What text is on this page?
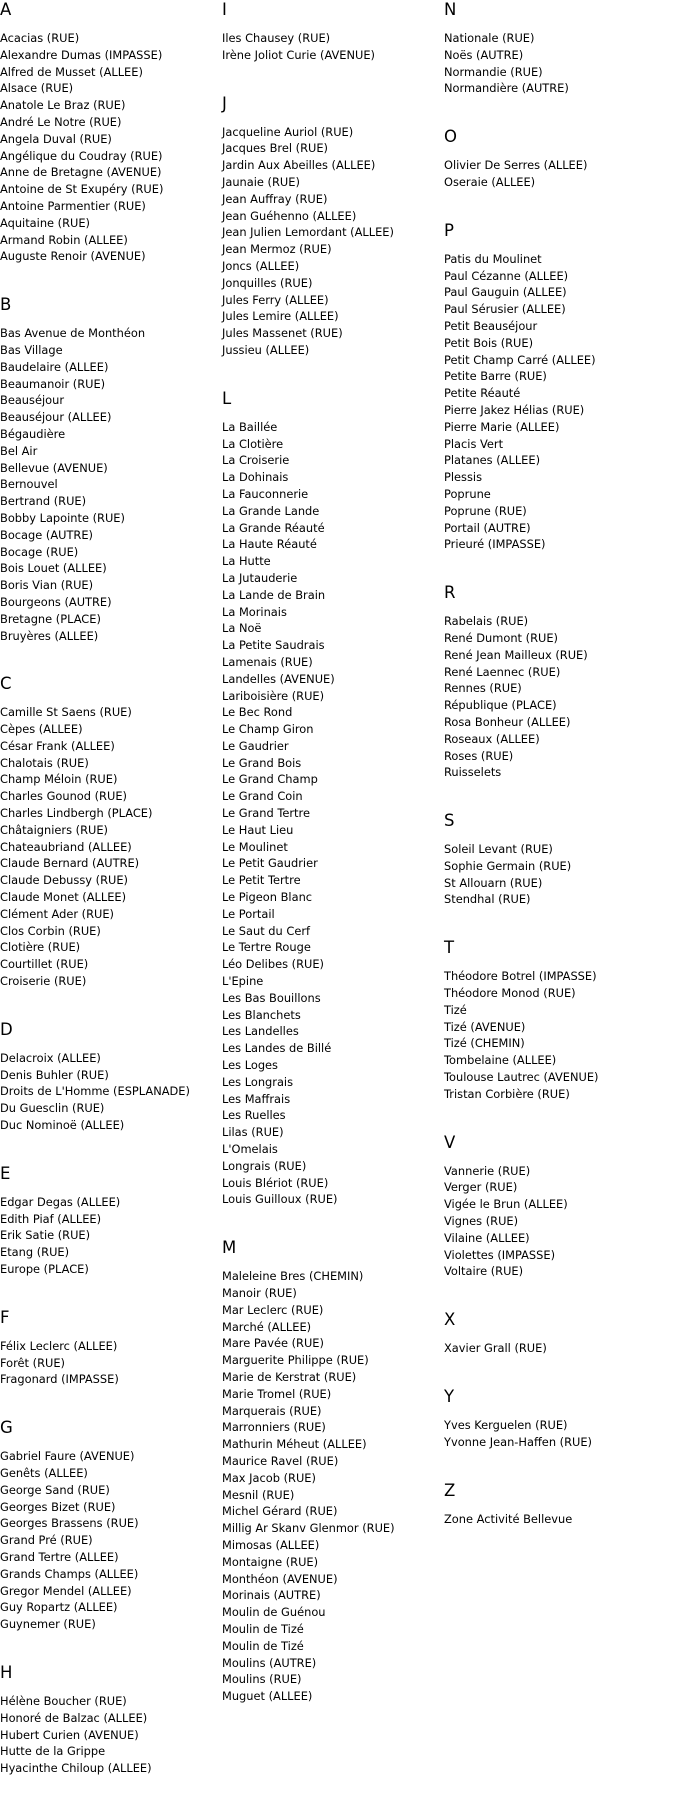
A
Acacias (RUE)
Alexandre Dumas (IMPASSE)
Alfred de Musset (ALLEE)
Alsace (RUE)
Anatole Le Braz (RUE)
André Le Notre (RUE)
Angela Duval (RUE)
Angélique du Coudray (RUE)
Anne de Bretagne (AVENUE)
Antoine de St Exupéry (RUE)
Antoine Parmentier (RUE)
Aquitaine (RUE)
Armand Robin (ALLEE)
Auguste Renoir (AVENUE)
B
Bas Avenue de Monthéon
Bas Village
Baudelaire (ALLEE)
Beaumanoir (RUE)
Beauséjour
Beauséjour (ALLEE)
Bégaudière
Bel Air
Bellevue (AVENUE)
Bernouvel
Bertrand (RUE)
Bobby Lapointe (RUE)
Bocage (AUTRE)
Bocage (RUE)
Bois Louet (ALLEE)
Boris Vian (RUE)
Bourgeons (AUTRE)
Bretagne (PLACE)
Bruyères (ALLEE)
C
Camille St Saens (RUE)
Cèpes (ALLEE)
César Frank (ALLEE)
Chalotais (RUE)
Champ Méloin (RUE)
Charles Gounod (RUE)
Charles Lindbergh (PLACE)
Châtaigniers (RUE)
Chateaubriand (ALLEE)
Claude Bernard (AUTRE)
Claude Debussy (RUE)
Claude Monet (ALLEE)
Clément Ader (RUE)
Clos Corbin (RUE)
Clotière (RUE)
Courtillet (RUE)
Croiserie (RUE)
D
Delacroix (ALLEE)
Denis Buhler (RUE)
Droits de L'Homme (ESPLANADE)
Du Guesclin (RUE)
Duc Nominoë (ALLEE)
E
Edgar Degas (ALLEE)
Edith Piaf (ALLEE)
Erik Satie (RUE)
Etang (RUE)
Europe (PLACE)
F
Félix Leclerc (ALLEE)
Forêt (RUE)
Fragonard (IMPASSE)
G
Gabriel Faure (AVENUE)
Genêts (ALLEE)
George Sand (RUE)
Georges Bizet (RUE)
Georges Brassens (RUE)
Grand Pré (RUE)
Grand Tertre (ALLEE)
Grands Champs (ALLEE)
Gregor Mendel (ALLEE)
Guy Ropartz (ALLEE)
Guynemer (RUE)
H
Hélène Boucher (RUE)
Honoré de Balzac (ALLEE)
Hubert Curien (AVENUE)
Hutte de la Grippe
Hyacinthe Chiloup (ALLEE)
I
Iles Chausey (RUE)
Irène Joliot Curie (AVENUE)
J
Jacqueline Auriol (RUE)
Jacques Brel (RUE)
Jardin Aux Abeilles (ALLEE)
Jaunaie (RUE)
Jean Auffray (RUE)
Jean Guéhenno (ALLEE)
Jean Julien Lemordant (ALLEE)
Jean Mermoz (RUE)
Joncs (ALLEE)
Jonquilles (RUE)
Jules Ferry (ALLEE)
Jules Lemire (ALLEE)
Jules Massenet (RUE)
Jussieu (ALLEE)
L
La Baillée
La Clotière
La Croiserie
La Dohinais
La Fauconnerie
La Grande Lande
La Grande Réauté
La Haute Réauté
La Hutte
La Jutauderie
La Lande de Brain
La Morinais
La Noë
La Petite Saudrais
Lamenais (RUE)
Landelles (AVENUE)
Lariboisière (RUE)
Le Bec Rond
Le Champ Giron
Le Gaudrier
Le Grand Bois
Le Grand Champ
Le Grand Coin
Le Grand Tertre
Le Haut Lieu
Le Moulinet
Le Petit Gaudrier
Le Petit Tertre
Le Pigeon Blanc
Le Portail
Le Saut du Cerf
Le Tertre Rouge
Léo Delibes (RUE)
L'Epine
Les Bas Bouillons
Les Blanchets
Les Landelles
Les Landes de Billé
Les Loges
Les Longrais
Les Maffrais
Les Ruelles
Lilas (RUE)
L'Omelais
Longrais (RUE)
Louis Blériot (RUE)
Louis Guilloux (RUE)
M
Maleleine Bres (CHEMIN)
Manoir (RUE)
Mar Leclerc (RUE)
Marché (ALLEE)
Mare Pavée (RUE)
Marguerite Philippe (RUE)
Marie de Kerstrat (RUE)
Marie Tromel (RUE)
Marquerais (RUE)
Marronniers (RUE)
Mathurin Méheut (ALLEE)
Maurice Ravel (RUE)
Max Jacob (RUE)
Mesnil (RUE)
Michel Gérard (RUE)
Millig Ar Skanv Glenmor (RUE)
Mimosas (ALLEE)
Montaigne (RUE)
Monthéon (AVENUE)
Morinais (AUTRE)
Moulin de Guénou
Moulin de Tizé
Moulin de Tizé
Moulins (AUTRE)
Moulins (RUE)
Muguet (ALLEE)
N
Nationale (RUE)
Noës (AUTRE)
Normandie (RUE)
Normandière (AUTRE)
O
Olivier De Serres (ALLEE)
Oseraie (ALLEE)
P
Patis du Moulinet
Paul Cézanne (ALLEE)
Paul Gauguin (ALLEE)
Paul Sérusier (ALLEE)
Petit Beauséjour
Petit Bois (RUE)
Petit Champ Carré (ALLEE)
Petite Barre (RUE)
Petite Réauté
Pierre Jakez Hélias (RUE)
Pierre Marie (ALLEE)
Placis Vert
Platanes (ALLEE)
Plessis
Poprune
Poprune (RUE)
Portail (AUTRE)
Prieuré (IMPASSE)
R
Rabelais (RUE)
René Dumont (RUE)
René Jean Mailleux (RUE)
René Laennec (RUE)
Rennes (RUE)
République (PLACE)
Rosa Bonheur (ALLEE)
Roseaux (ALLEE)
Roses (RUE)
Ruisselets
S
Soleil Levant (RUE)
Sophie Germain (RUE)
St Allouarn (RUE)
Stendhal (RUE)
T
Théodore Botrel (IMPASSE)
Théodore Monod (RUE)
Tizé
Tizé (AVENUE)
Tizé (CHEMIN)
Tombelaine (ALLEE)
Toulouse Lautrec (AVENUE)
Tristan Corbière (RUE)
V
Vannerie (RUE)
Verger (RUE)
Vigée le Brun (ALLEE)
Vignes (RUE)
Vilaine (ALLEE)
Violettes (IMPASSE)
Voltaire (RUE)
X
Xavier Grall (RUE)
Y
Yves Kerguelen (RUE)
Yvonne Jean-Haffen (RUE)
Z
Zone Activité Bellevue
